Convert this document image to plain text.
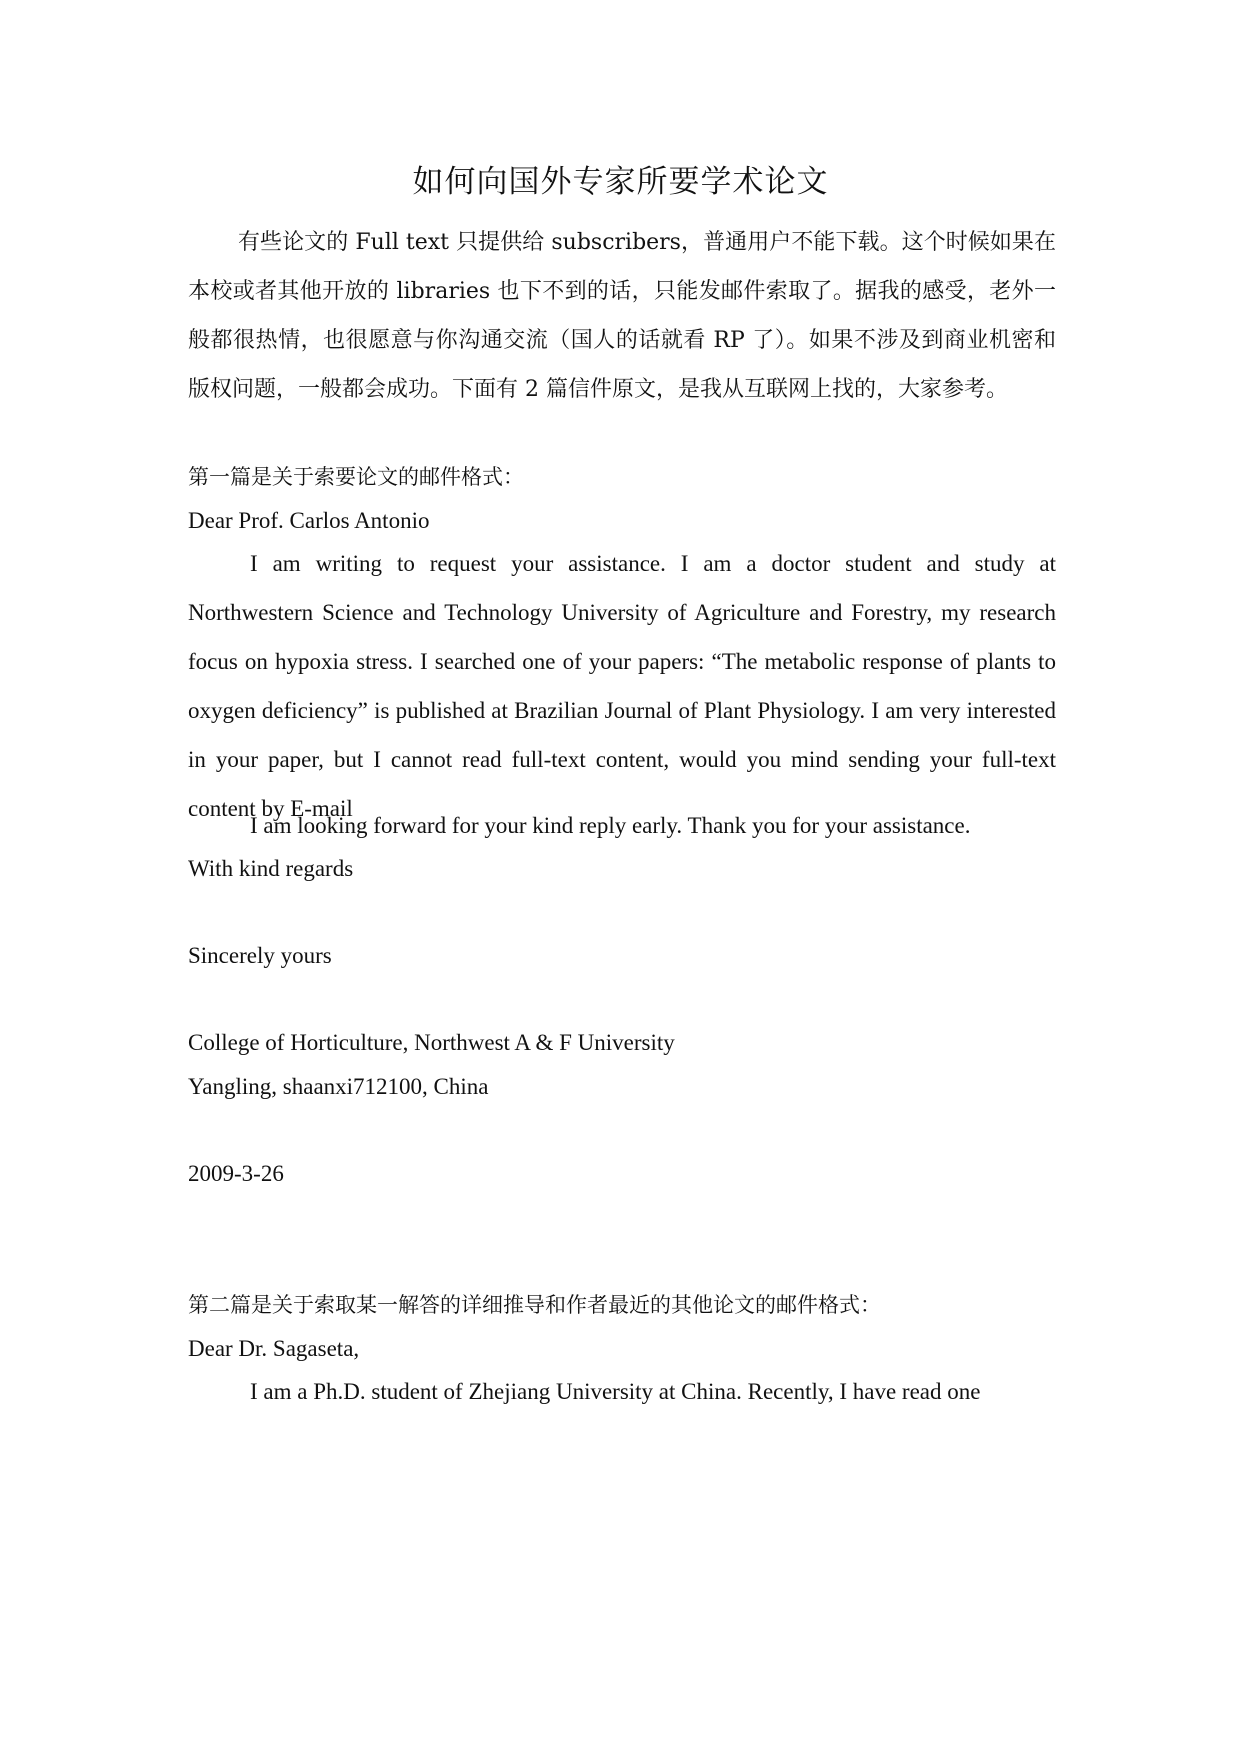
如何向国外专家所要学术论文
有些论文的 Full text 只提供给 subscribers，普通用户不能下载。这个时候如果在本校或者其他开放的 libraries 也下不到的话，只能发邮件索取了。据我的感受，老外一般都很热情，也很愿意与你沟通交流（国人的话就看 RP 了）。如果不涉及到商业机密和版权问题，一般都会成功。下面有 2 篇信件原文，是我从互联网上找的，大家参考。
第一篇是关于索要论文的邮件格式：
Dear Prof. Carlos Antonio
I am writing to request your assistance. I am a doctor student and study at Northwestern Science and Technology University of Agriculture and Forestry, my research focus on hypoxia stress. I searched one of your papers: “The metabolic response of plants to oxygen deficiency” is published at Brazilian Journal of Plant Physiology. I am very interested in your paper, but I cannot read full-text content, would you mind sending your full-text content by E-mail
I am looking forward for your kind reply early. Thank you for your assistance.
With kind regards
Sincerely yours
College of Horticulture, Northwest A & F University
Yangling, shaanxi712100, China
2009-3-26
第二篇是关于索取某一解答的详细推导和作者最近的其他论文的邮件格式：
Dear Dr. Sagaseta,
I am a Ph.D. student of Zhejiang University at China. Recently, I have read one
